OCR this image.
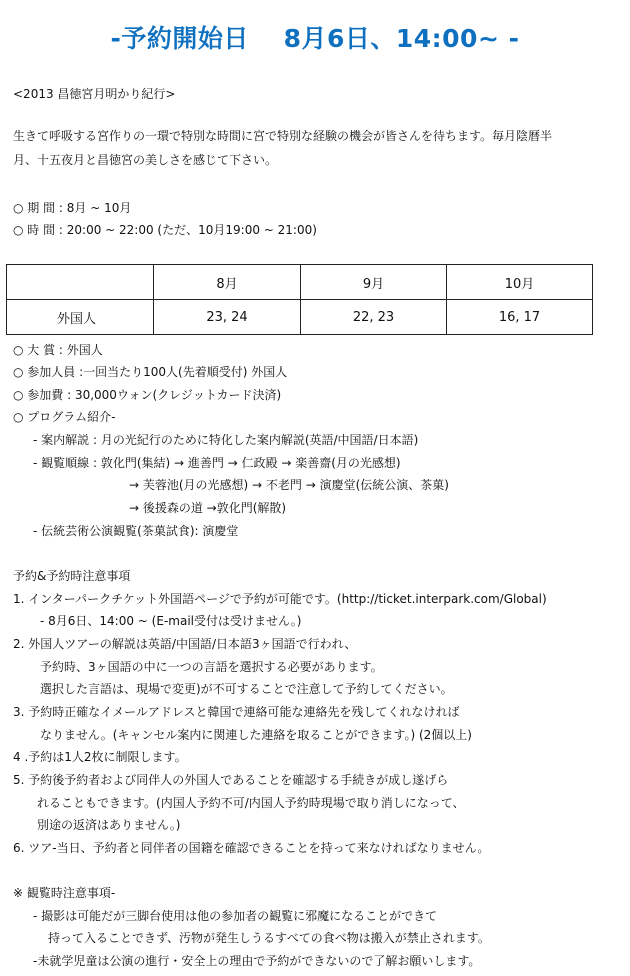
-予約開始日　 8月6日、14:00~ -
<2013 昌徳宮月明かり紀行>
生きて呼吸する宮作りの一環で特別な時間に宮で特別な経験の機会が皆さんを待ちます。毎月陰暦半
月、十五夜月と昌徳宮の美しさを感じて下さい。
○ 期 間 : 8月 ~ 10月
○ 時 間 : 20:00 ~ 22:00 (ただ、10月19:00 ~ 21:00)
	8月	9月	10月
外国人	23, 24	22, 23	16, 17
○ 大 賞 : 外国人
○ 参加人員 :一回当たり100人(先着順受付) 外国人
○ 参加費 : 30,000ウォン(クレジットカード決済)
○ プログラム紹介-
- 案内解説 : 月の光紀行のために特化した案内解説(英語/中国語/日本語)
- 観覧順線 : 敦化門(集結) → 進善門 → 仁政殿 → 楽善齋(月の光感想)
→ 芙蓉池(月の光感想) → 不老門 → 演慶堂(伝統公演、茶菓)
→ 後援森の道 →敦化門(解散)
- 伝統芸術公演観覧(茶菓試食): 演慶堂
予約&予約時注意事項
1. インターパークチケット外国語ページで予約が可能です。(http://ticket.interpark.com/Global)
- 8月6日、14:00 ~ (E-mail受付は受けません。)
2. 外国人ツアーの解説は英語/中国語/日本語3ヶ国語で行われ、
予約時、3ヶ国語の中に一つの言語を選択する必要があります。
選択した言語は、現場で変更)が不可することで注意して予約してください。
3. 予約時正確なイメールアドレスと韓国で連絡可能な連絡先を残してくれなければ
なりません。(キャンセル案内に関連した連絡を取ることができます。) (2個以上)
4 .予約は1人2枚に制限します。
5. 予約後予約者および同伴人の外国人であることを確認する手続きが成し遂げら
れることもできます。(内国人予約不可/内国人予約時現場で取り消しになって、
別途の返済はありません。)
6. ツア-当日、予約者と同伴者の国籍を確認できることを持って来なければなりません。
※ 観覧時注意事項-
- 撮影は可能だが三脚台使用は他の参加者の観覧に邪魔になることができて
持って入ることできず、汚物が発生しうるすべての食べ物は搬入が禁止されます。
-未就学児童は公演の進行・安全上の理由で予約ができないので了解お願いします。
